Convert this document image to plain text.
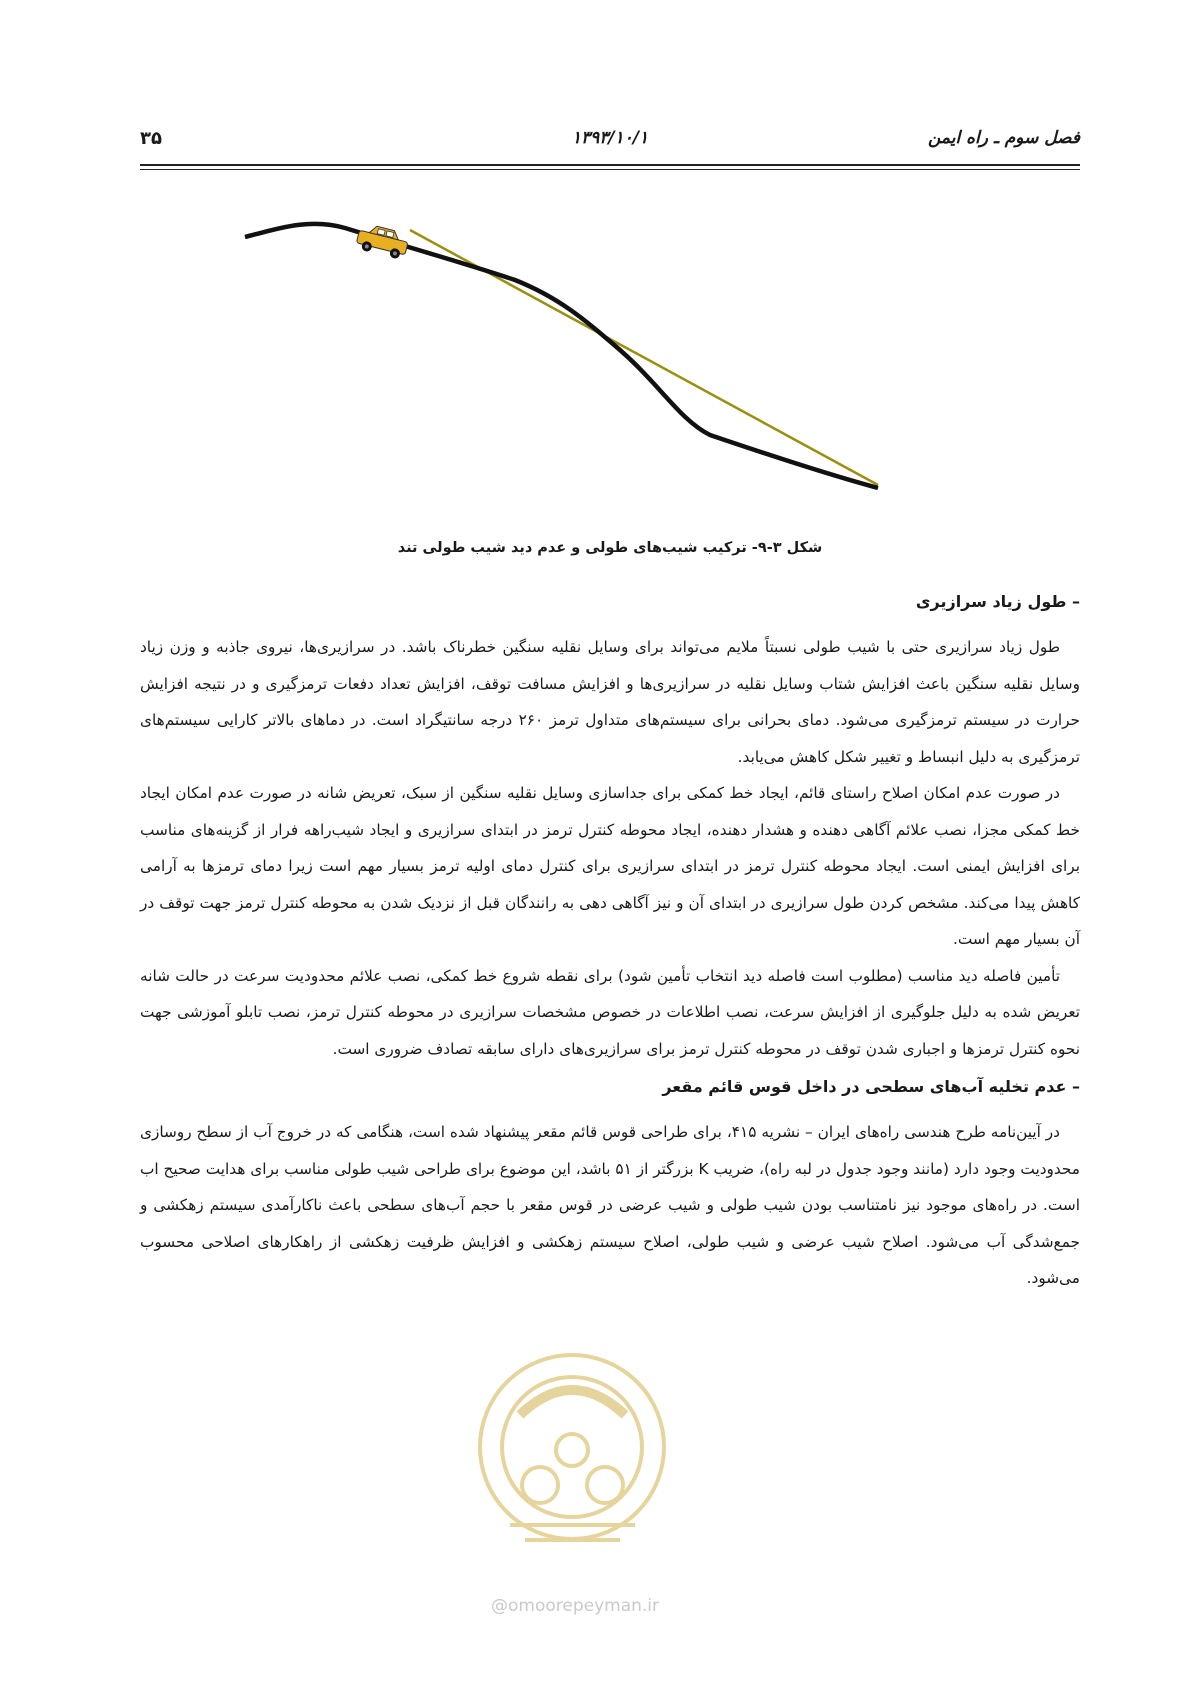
۳۵	۱۳۹۳/۱۰/۱	فصل سوم ـ راه ایمن
شکل ۳-۹- ترکیب شیب‌های طولی و عدم دید شیب طولی تند
– طول زیاد سرازیری

طول زیاد سرازیری حتی با شیب طولی نسبتاً ملایم می‌تواند برای وسایل نقلیه سنگین خطرناک باشد. در سرازیری‌ها، نیروی جاذبه و وزن زیاد وسایل نقلیه سنگین باعث افزایش شتاب وسایل نقلیه در سرازیری‌ها و افزایش مسافت توقف، افزایش تعداد دفعات ترمزگیری و در نتیجه افزایش حرارت در سیستم ترمزگیری می‌شود. دمای بحرانی برای سیستم‌های متداول ترمز ۲۶۰ درجه سانتیگراد است. در دماهای بالاتر کارایی سیستم‌های ترمزگیری به دلیل انبساط و تغییر شکل کاهش می‌یابد.

در صورت عدم امکان اصلاح راستای قائم، ایجاد خط کمکی برای جداسازی وسایل نقلیه سنگین از سبک، تعریض شانه در صورت عدم امکان ایجاد خط کمکی مجزا، نصب علائم آگاهی دهنده و هشدار دهنده، ایجاد محوطه کنترل ترمز در ابتدای سرازیری و ایجاد شیب‌راهه فرار از گزینه‌های مناسب برای افزایش ایمنی است. ایجاد محوطه کنترل ترمز در ابتدای سرازیری برای کنترل دمای اولیه ترمز بسیار مهم است زیرا دمای ترمزها به آرامی کاهش پیدا می‌کند. مشخص کردن طول سرازیری در ابتدای آن و نیز آگاهی دهی به رانندگان قبل از نزدیک شدن به محوطه کنترل ترمز جهت توقف در آن بسیار مهم است.

تأمین فاصله دید مناسب (مطلوب است فاصله دید انتخاب تأمین شود) برای نقطه شروع خط کمکی، نصب علائم محدودیت سرعت در حالت شانه تعریض شده به دلیل جلوگیری از افزایش سرعت، نصب اطلاعات در خصوص مشخصات سرازیری در محوطه کنترل ترمز، نصب تابلو آموزشی جهت نحوه کنترل ترمزها و اجباری شدن توقف در محوطه کنترل ترمز برای سرازیری‌های دارای سابقه تصادف ضروری است.

– عدم تخلیه آب‌های سطحی در داخل قوس قائم مقعر

در آیین‌نامه طرح هندسی راه‌های ایران – نشریه ۴۱۵، برای طراحی قوس قائم مقعر پیشنهاد شده است، هنگامی که در خروج آب از سطح روسازی محدودیت وجود دارد (مانند وجود جدول در لبه راه)، ضریب K بزرگتر از ۵۱ باشد، این موضوع برای طراحی شیب طولی مناسب برای هدایت صحیح اب است. در راه‌های موجود نیز نامتناسب بودن شیب طولی و شیب عرضی در قوس مقعر با حجم آب‌های سطحی باعث ناکارآمدی سیستم زهکشی و جمع‌شدگی آب می‌شود. اصلاح شیب عرضی و شیب طولی، اصلاح سیستم زهکشی و افزایش ظرفیت زهکشی از راهکارهای اصلاحی محسوب می‌شود.

@omoorepeyman.ir
